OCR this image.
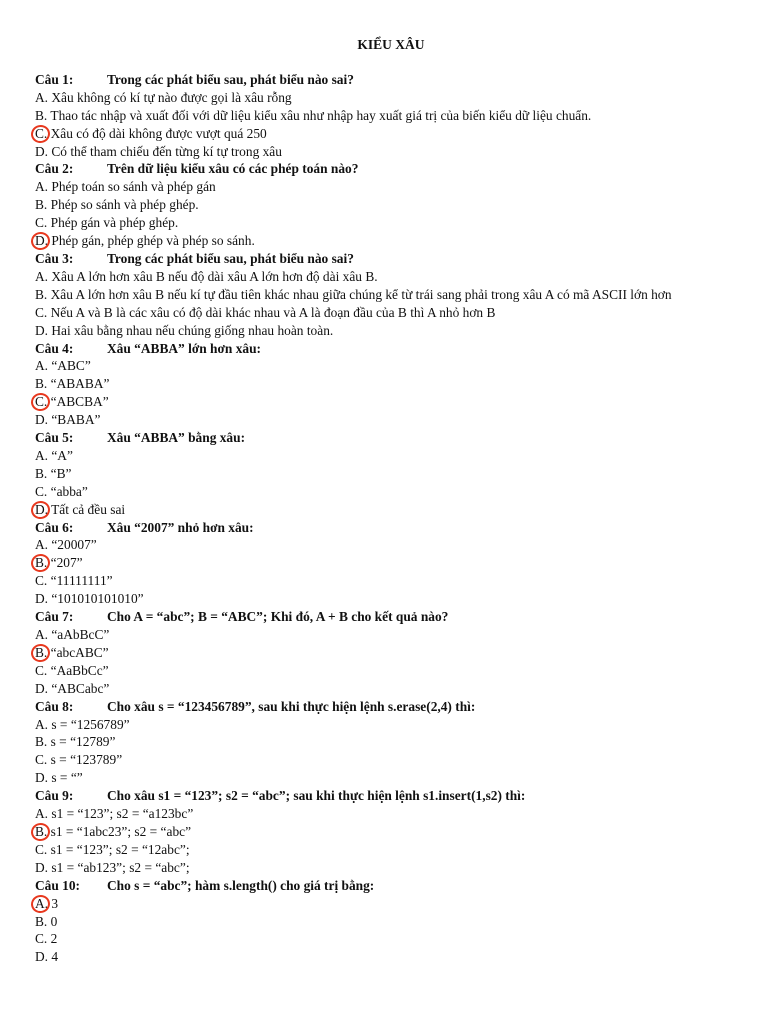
KIỂU XÂU
Câu 1:	Trong các phát biểu sau, phát biểu nào sai?
A. Xâu không có kí tự nào được gọi là xâu rỗng
B. Thao tác nhập và xuất đối với dữ liệu kiểu xâu như nhập hay xuất giá trị của biến kiểu dữ liệu chuẩn.
C. Xâu có độ dài không được vượt quá 250
D. Có thể tham chiếu đến từng kí tự trong xâu
Câu 2:	Trên dữ liệu kiểu xâu có các phép toán nào?
A. Phép toán so sánh và phép gán
B. Phép so sánh và phép ghép.
C. Phép gán và phép ghép.
D. Phép gán, phép ghép và phép so sánh.
Câu 3:	Trong các phát biểu sau, phát biểu nào sai?
A. Xâu A lớn hơn xâu B nếu độ dài xâu A lớn hơn độ dài xâu B.
B. Xâu A lớn hơn xâu B nếu kí tự đầu tiên khác nhau giữa chúng kể từ trái sang phải trong xâu A có mã ASCII lớn hơn
C. Nếu A và B là các xâu có độ dài khác nhau và A là đoạn đầu của B thì A nhỏ hơn B
D. Hai xâu bằng nhau nếu chúng giống nhau hoàn toàn.
Câu 4:	Xâu “ABBA” lớn hơn xâu:
A. “ABC”
B. “ABABA”
C. “ABCBA”
D. “BABA”
Câu 5:	Xâu “ABBA” bằng xâu:
A. “A”
B. “B”
C. “abba”
D. Tất cả đều sai
Câu 6:	Xâu “2007” nhỏ hơn xâu:
A. “20007”
B. “207”
C. “11111111”
D. “101010101010”
Câu 7:	Cho A = “abc”; B = “ABC”; Khi đó, A + B cho kết quả nào?
A. “aAbBcC”
B. “abcABC”
C. “AaBbCc”
D. “ABCabc”
Câu 8:	Cho xâu s = “123456789”, sau khi thực hiện lệnh s.erase(2,4) thì:
A. s = “1256789”
B. s = “12789”
C. s = “123789”
D. s = “”
Câu 9:	Cho xâu s1 = “123”; s2 = “abc”; sau khi thực hiện lệnh s1.insert(1,s2) thì:
A. s1 = “123”; s2 = “a123bc”
B. s1 = “1abc23”; s2 = “abc”
C. s1 = “123”; s2 = “12abc”;
D. s1 = “ab123”; s2 = “abc”;
Câu 10: Cho s = “abc”; hàm s.length() cho giá trị bằng:
A. 3
B. 0
C. 2
D. 4
